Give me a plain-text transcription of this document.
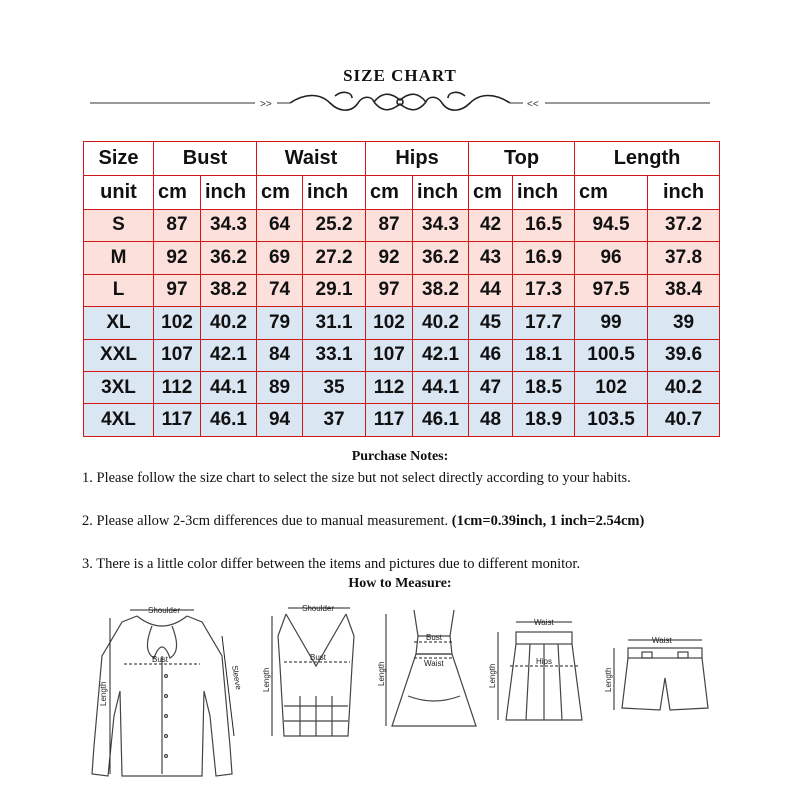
SIZE CHART
>>	<<
Size	Bust		Waist		Hips		Top		Length	
unit	cm	inch	cm	inch	cm	inch	cm	inch	cm	inch
S	87	34.3	64	25.2	87	34.3	42	16.5	94.5	37.2
M	92	36.2	69	27.2	92	36.2	43	16.9	96	37.8
L	97	38.2	74	29.1	97	38.2	44	17.3	97.5	38.4
XL	102	40.2	79	31.1	102	40.2	45	17.7	99	39
XXL	107	42.1	84	33.1	107	42.1	46	18.1	100.5	39.6
3XL	112	44.1	89	35	112	44.1	47	18.5	102	40.2
4XL	117	46.1	94	37	117	46.1	48	18.9	103.5	40.7
Purchase Notes:
1. Please follow the size chart to select the size but not select directly according to your habits.
2. Please allow 2-3cm differences due to manual measurement. (1cm=0.39inch, 1 inch=2.54cm)
3. There is a little color differ between the items and pictures due to different monitor.
How to Measure:
Shoulder
Bust
Length
Sleeve
Shoulder
Bust
Length
Bust
Waist
Length
Waist
Hips
Length
Waist
Length
